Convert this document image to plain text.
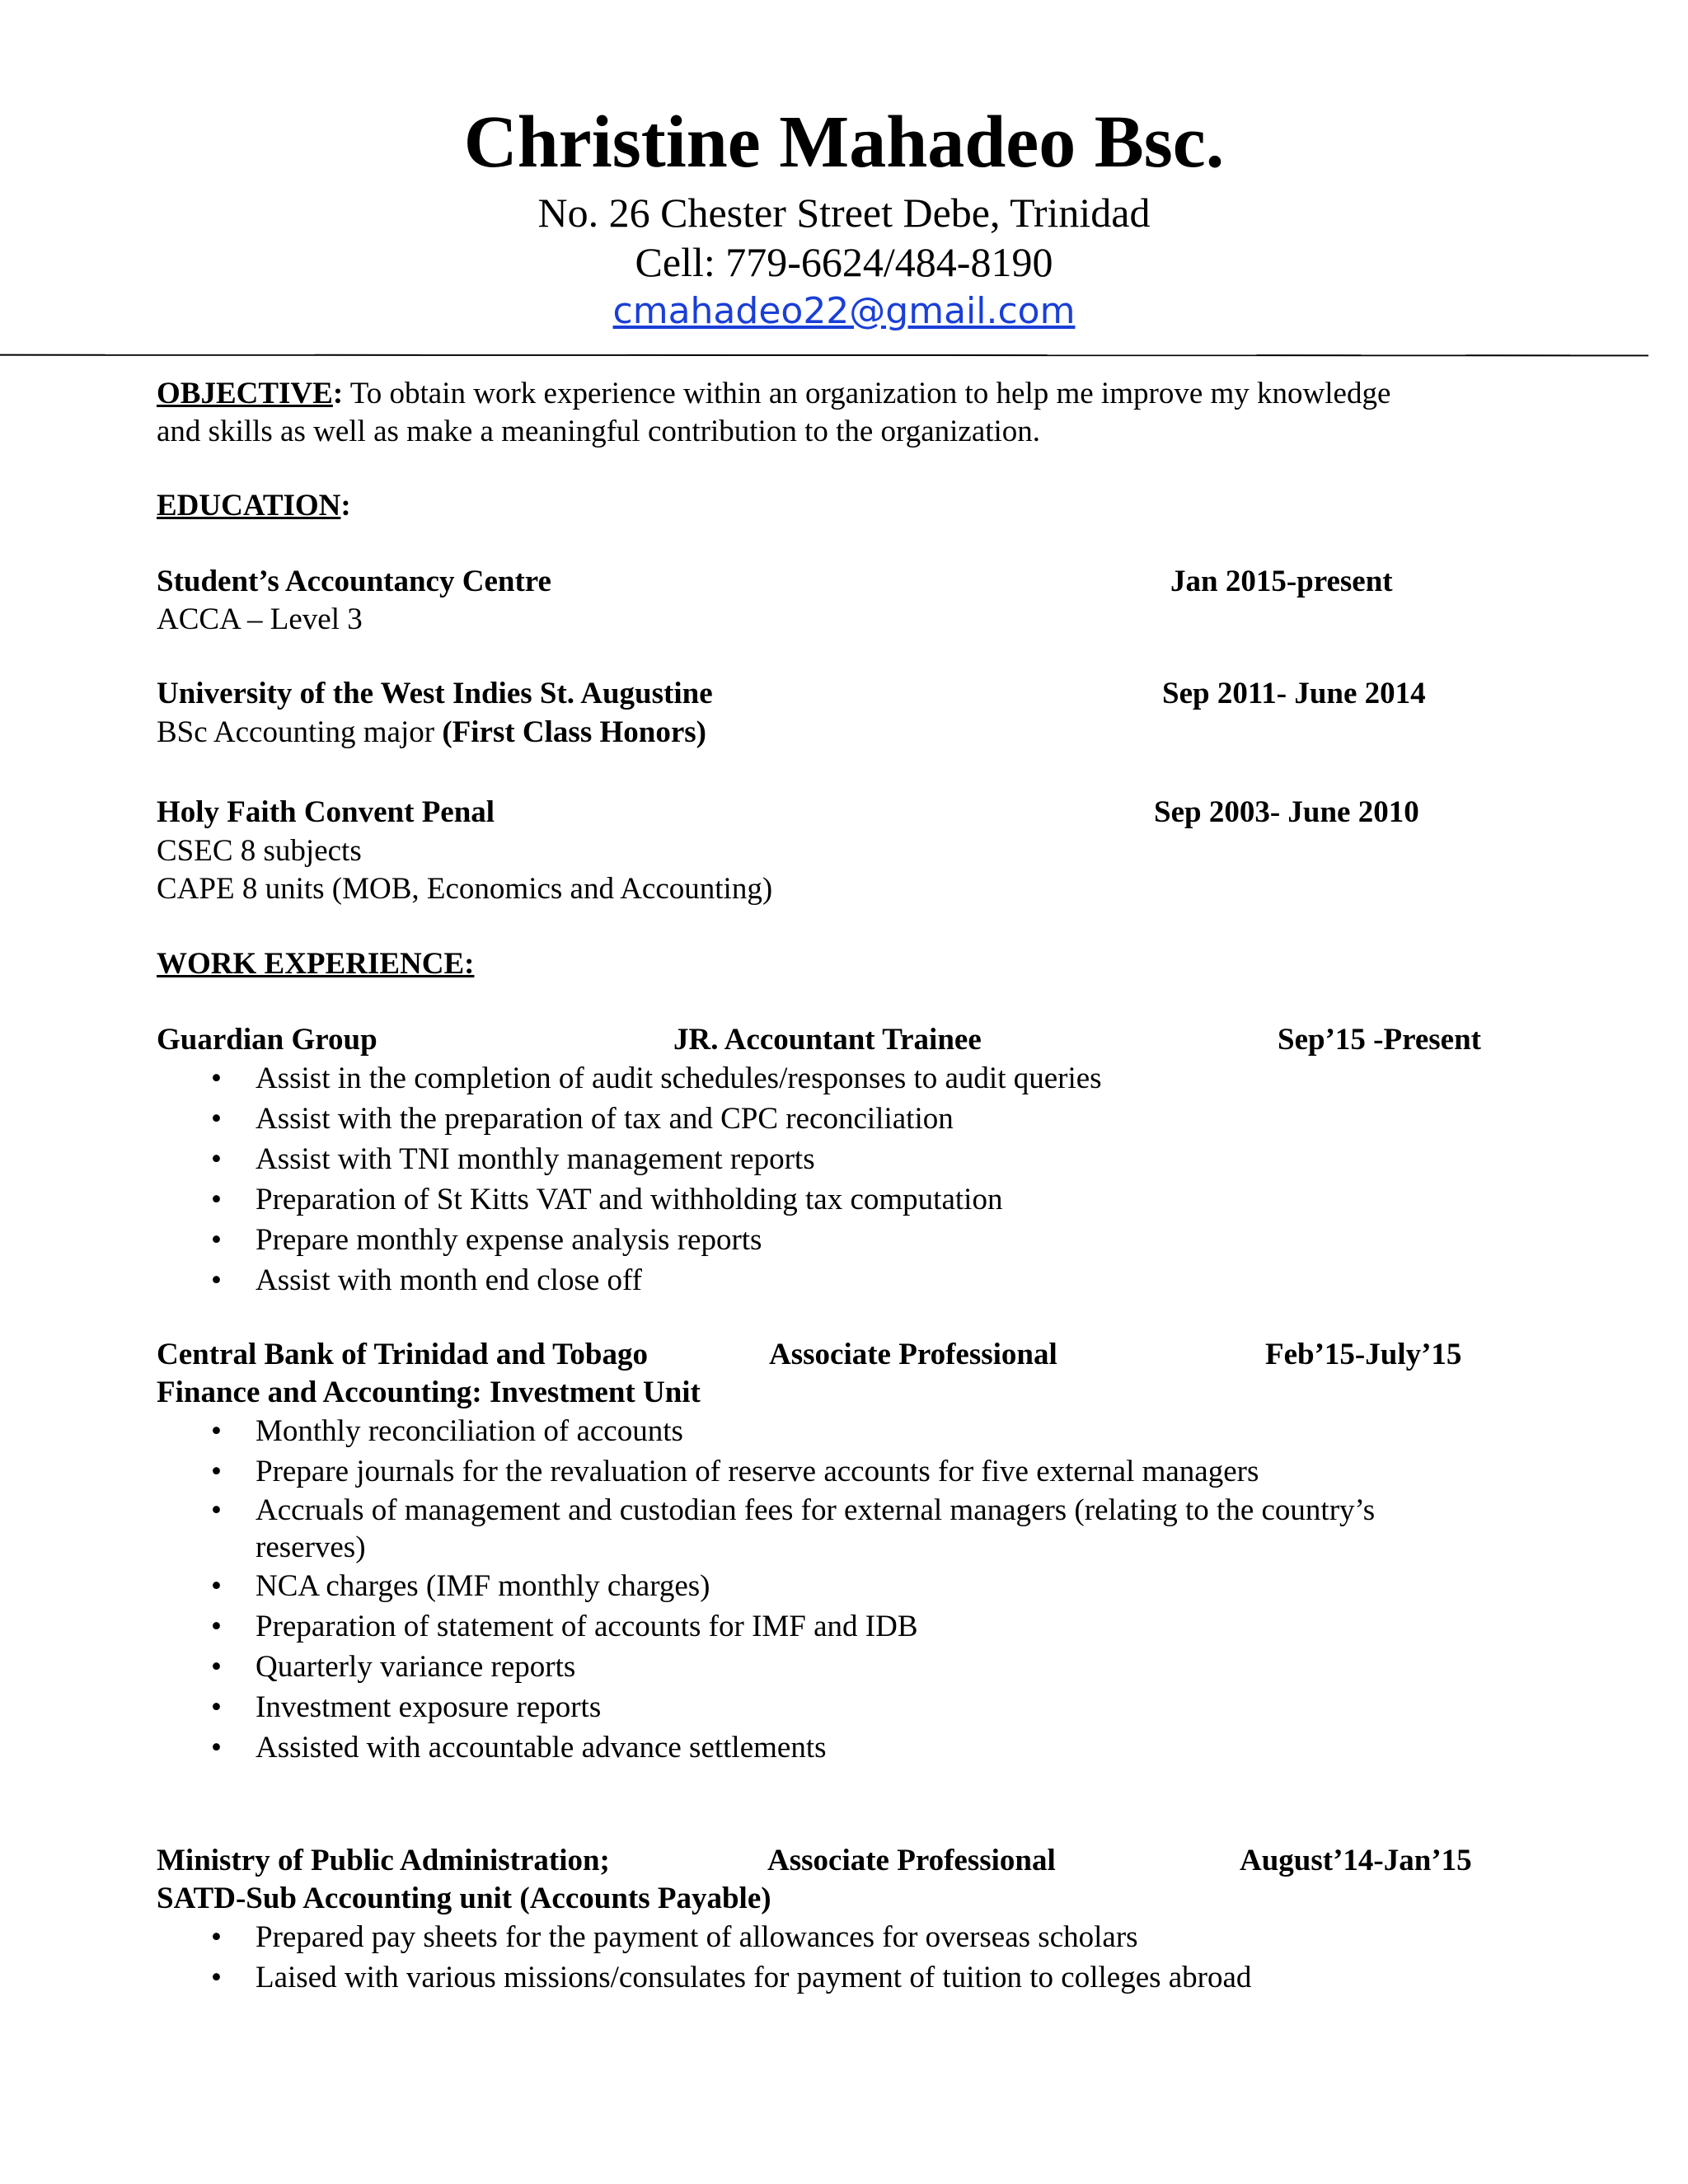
Christine Mahadeo Bsc.
No. 26 Chester Street Debe, Trinidad
Cell: 779-6624/484-8190
cmahadeo22@gmail.com
OBJECTIVE: To obtain work experience within an organization to help me improve my knowledge
and skills as well as make a meaningful contribution to the organization.
EDUCATION:
Student’s Accountancy Centre	Jan 2015-present
ACCA – Level 3
University of the West Indies St. Augustine	Sep 2011- June 2014
BSc Accounting major (First Class Honors)
Holy Faith Convent Penal	Sep 2003- June 2010
CSEC 8 subjects
CAPE 8 units (MOB, Economics and Accounting)
WORK EXPERIENCE:
Guardian Group	JR. Accountant Trainee	Sep’15 -Present
• Assist in the completion of audit schedules/responses to audit queries
• Assist with the preparation of tax and CPC reconciliation
• Assist with TNI monthly management reports
• Preparation of St Kitts VAT and withholding tax computation
• Prepare monthly expense analysis reports
• Assist with month end close off
Central Bank of Trinidad and Tobago	Associate Professional	Feb’15-July’15
Finance and Accounting: Investment Unit
• Monthly reconciliation of accounts
• Prepare journals for the revaluation of reserve accounts for five external managers
• Accruals of management and custodian fees for external managers (relating to the country’s
reserves)
• NCA charges (IMF monthly charges)
• Preparation of statement of accounts for IMF and IDB
• Quarterly variance reports
• Investment exposure reports
• Assisted with accountable advance settlements
Ministry of Public Administration;	Associate Professional	August’14-Jan’15
SATD-Sub Accounting unit (Accounts Payable)
• Prepared pay sheets for the payment of allowances for overseas scholars
• Laised with various missions/consulates for payment of tuition to colleges abroad
